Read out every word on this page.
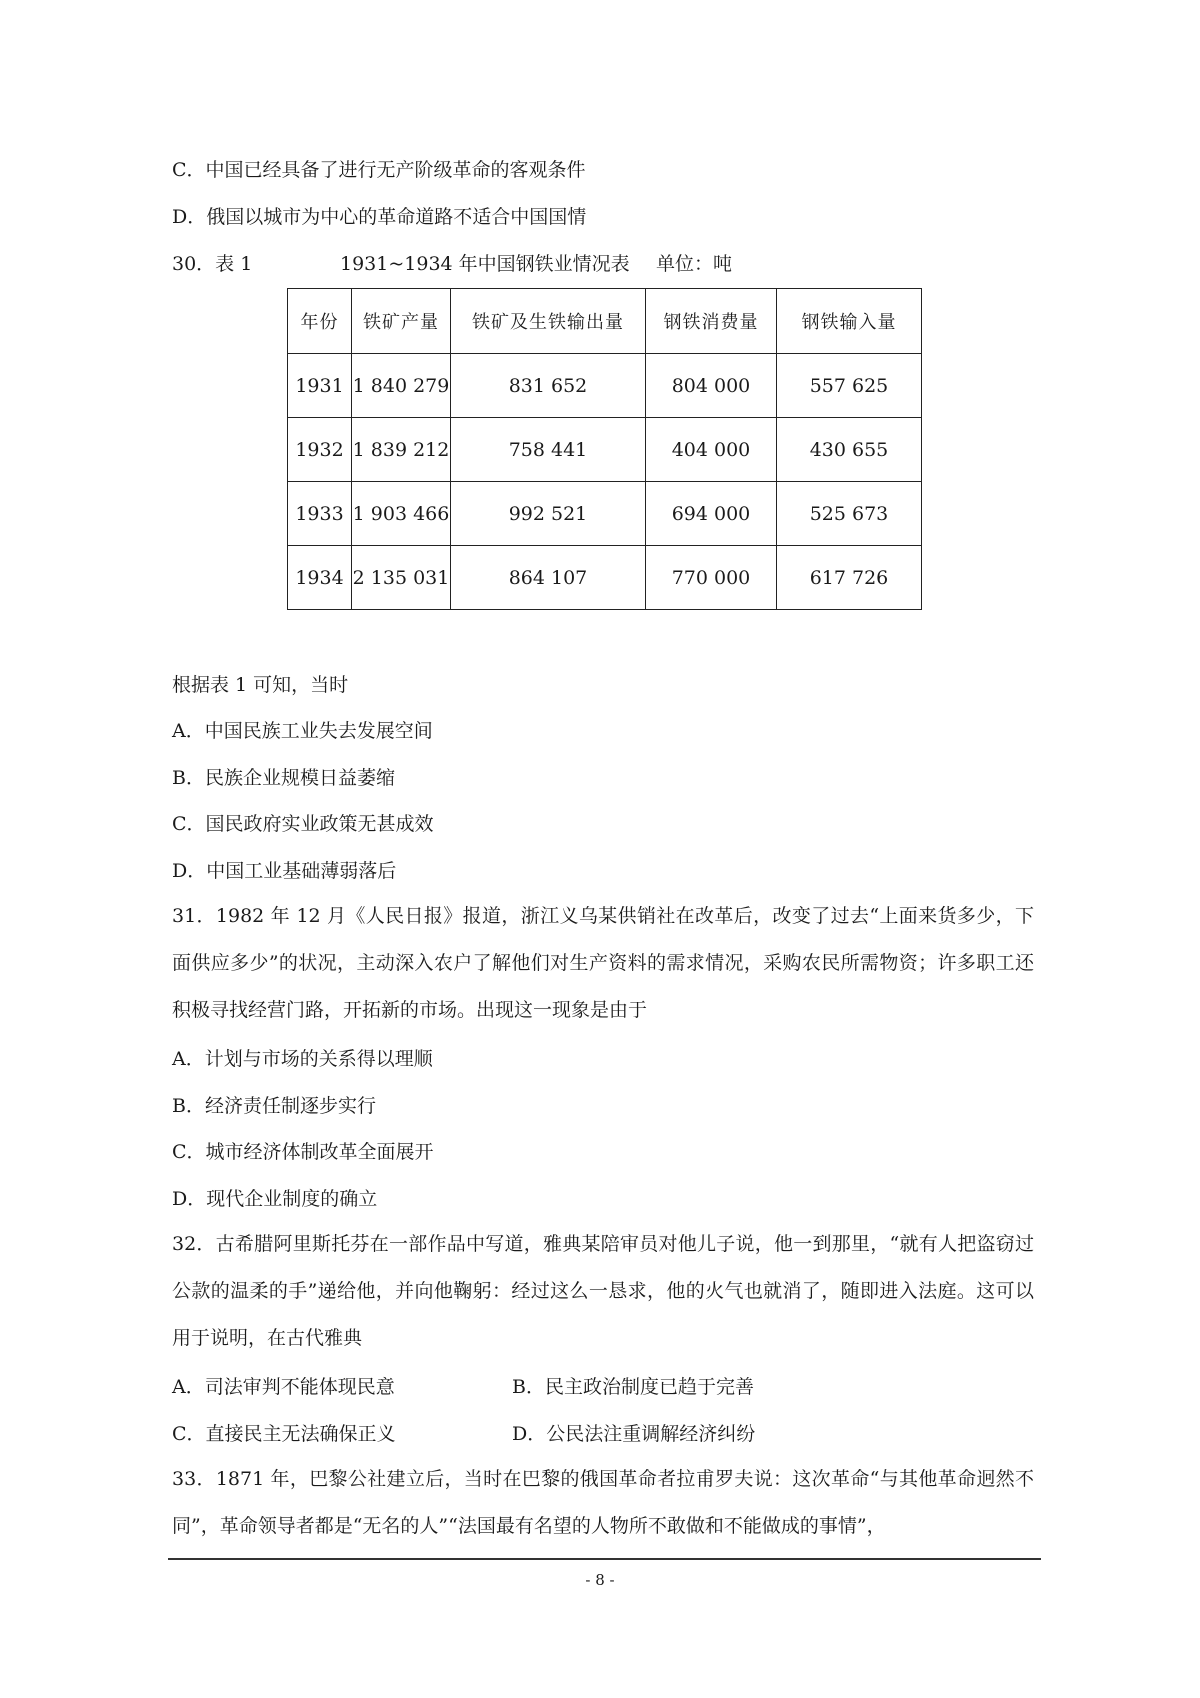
C．中国已经具备了进行无产阶级革命的客观条件
D．俄国以城市为中心的革命道路不适合中国国情
30．表 1	1931~1934 年中国钢铁业情况表 单位：吨
年份	铁矿产量	铁矿及生铁输出量	钢铁消费量	钢铁输入量
1931	1 840 279	831 652	804 000	557 625
1932	1 839 212	758 441	404 000	430 655
1933	1 903 466	992 521	694 000	525 673
1934	2 135 031	864 107	770 000	617 726
根据表 1 可知，当时
A．中国民族工业失去发展空间
B．民族企业规模日益萎缩
C．国民政府实业政策无甚成效
D．中国工业基础薄弱落后

31．1982 年 12 月《人民日报》报道，浙江义乌某供销社在改革后，改变了过去“上面来货多少，下面供应多少”的状况，主动深入农户了解他们对生产资料的需求情况，采购农民所需物资；许多职工还积极寻找经营门路，开拓新的市场。出现这一现象是由于

A．计划与市场的关系得以理顺
B．经济责任制逐步实行
C．城市经济体制改革全面展开
D．现代企业制度的确立

32．古希腊阿里斯托芬在一部作品中写道，雅典某陪审员对他儿子说，他一到那里，“就有人把盗窃过公款的温柔的手”递给他，并向他鞠躬：经过这么一恳求，他的火气也就消了，随即进入法庭。这可以用于说明，在古代雅典

A．司法审判不能体现民意	B．民主政治制度已趋于完善
C．直接民主无法确保正义	D．公民法注重调解经济纠纷

33．1871 年，巴黎公社建立后，当时在巴黎的俄国革命者拉甫罗夫说：这次革命“与其他革命迥然不同”，革命领导者都是“无名的人”“法国最有名望的人物所不敢做和不能做成的事情”，

- 8 -
